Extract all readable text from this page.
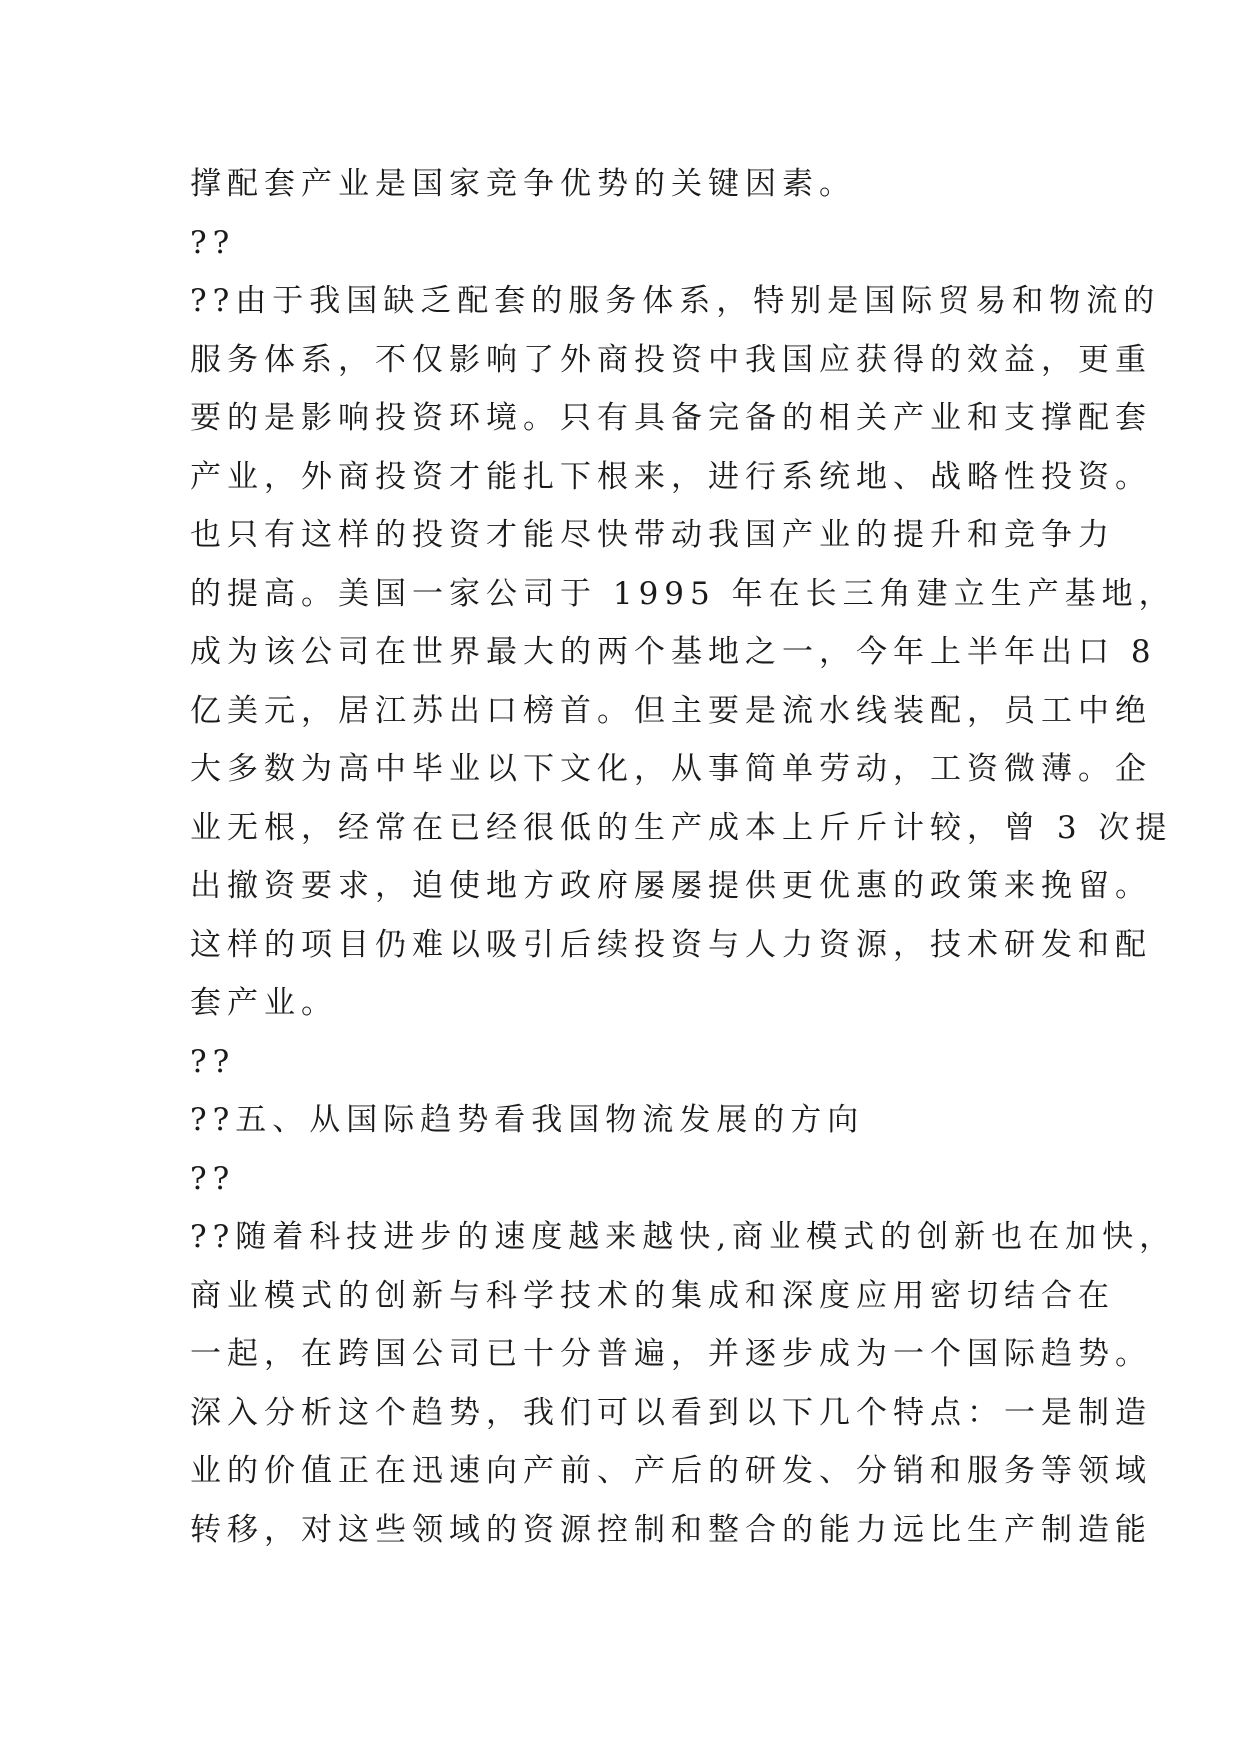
撑配套产业是国家竞争优势的关键因素。
??
??由于我国缺乏配套的服务体系，特别是国际贸易和物流的
服务体系，不仅影响了外商投资中我国应获得的效益，更重
要的是影响投资环境。只有具备完备的相关产业和支撑配套
产业，外商投资才能扎下根来，进行系统地、战略性投资。
也只有这样的投资才能尽快带动我国产业的提升和竞争力
的提高。美国一家公司于 1995 年在长三角建立生产基地，
成为该公司在世界最大的两个基地之一，今年上半年出口 8
亿美元，居江苏出口榜首。但主要是流水线装配，员工中绝
大多数为高中毕业以下文化，从事简单劳动，工资微薄。企
业无根，经常在已经很低的生产成本上斤斤计较，曾 3 次提
出撤资要求，迫使地方政府屡屡提供更优惠的政策来挽留。
这样的项目仍难以吸引后续投资与人力资源，技术研发和配
套产业。
??
??五、从国际趋势看我国物流发展的方向
??
??随着科技进步的速度越来越快,商业模式的创新也在加快，
商业模式的创新与科学技术的集成和深度应用密切结合在
一起，在跨国公司已十分普遍，并逐步成为一个国际趋势。
深入分析这个趋势，我们可以看到以下几个特点：一是制造
业的价值正在迅速向产前、产后的研发、分销和服务等领域
转移，对这些领域的资源控制和整合的能力远比生产制造能
